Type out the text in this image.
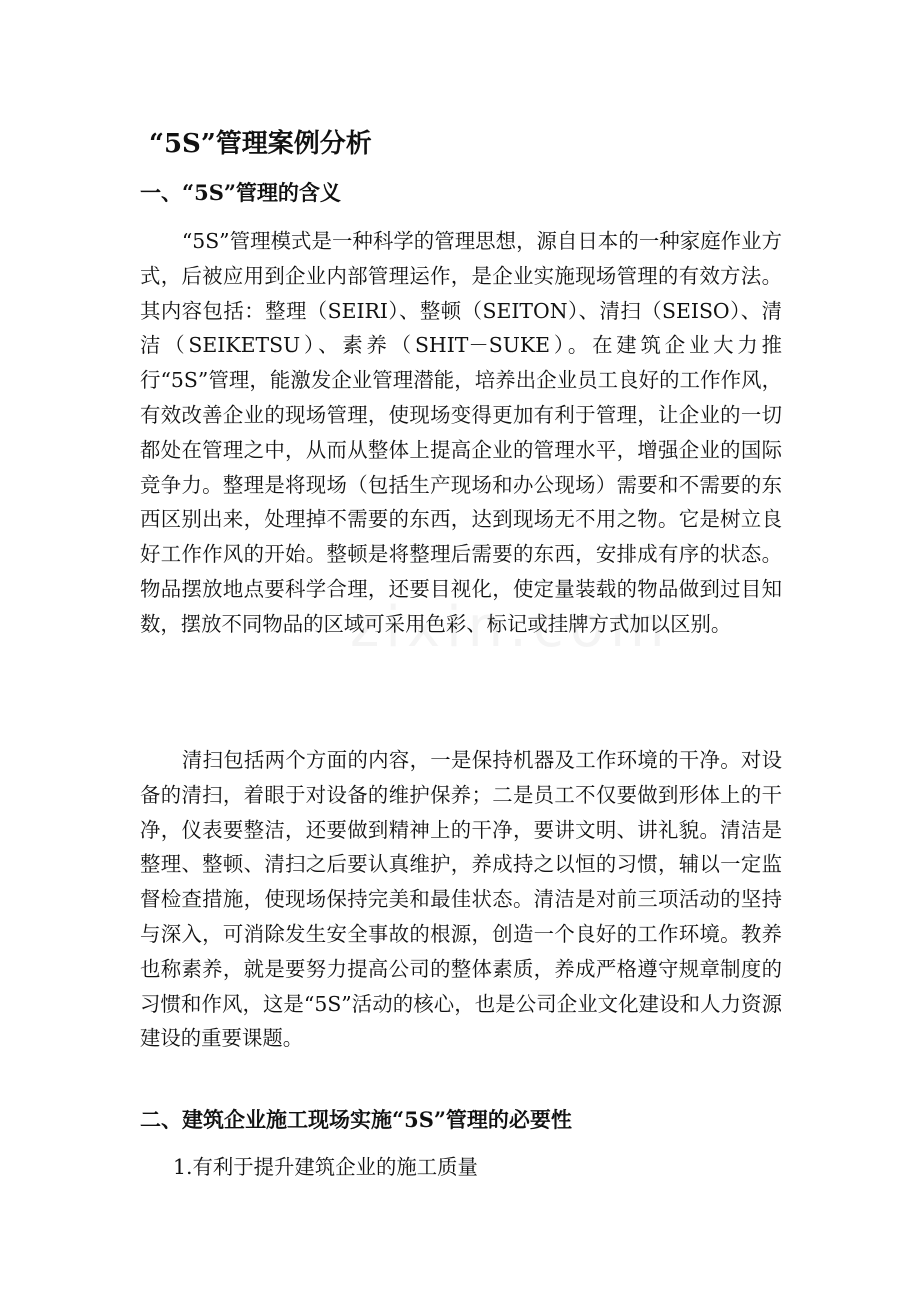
“5S”管理案例分析
一、“5S”管理的含义

“5S”管理模式是一种科学的管理思想，源自日本的一种家庭作业方式，后被应用到企业内部管理运作，是企业实施现场管理的有效方法。其内容包括：整理（SEIRI）、整顿（SEITON）、清扫（SEISO）、清洁（SEIKETSU）、素养（SHIT－SUKE）。在建筑企业大力推行“5S”管理，能激发企业管理潜能，培养出企业员工良好的工作作风，有效改善企业的现场管理，使现场变得更加有利于管理，让企业的一切都处在管理之中，从而从整体上提高企业的管理水平，增强企业的国际竞争力。整理是将现场（包括生产现场和办公现场）需要和不需要的东西区别出来，处理掉不需要的东西，达到现场无不用之物。它是树立良好工作作风的开始。整顿是将整理后需要的东西，安排成有序的状态。物品摆放地点要科学合理，还要目视化，使定量装载的物品做到过目知数，摆放不同物品的区域可采用色彩、标记或挂牌方式加以区别。

清扫包括两个方面的内容，一是保持机器及工作环境的干净。对设备的清扫，着眼于对设备的维护保养；二是员工不仅要做到形体上的干净，仪表要整洁，还要做到精神上的干净，要讲文明、讲礼貌。清洁是整理、整顿、清扫之后要认真维护，养成持之以恒的习惯，辅以一定监督检查措施，使现场保持完美和最佳状态。清洁是对前三项活动的坚持与深入，可消除发生安全事故的根源，创造一个良好的工作环境。教养也称素养，就是要努力提高公司的整体素质，养成严格遵守规章制度的习惯和作风，这是“5S”活动的核心，也是公司企业文化建设和人力资源建设的重要课题。

二、建筑企业施工现场实施“5S”管理的必要性
1.有利于提升建筑企业的施工质量
